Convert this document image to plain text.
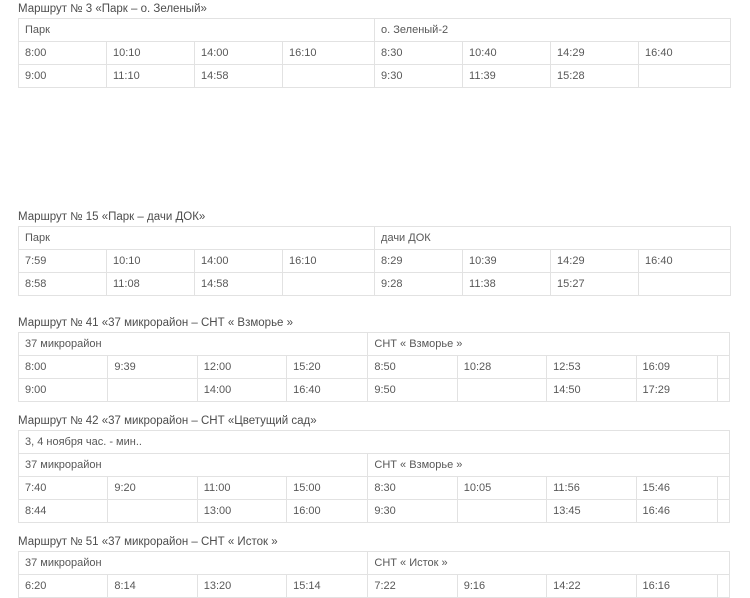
Маршрут № 3 «Парк – о. Зеленый»
Парк				о. Зеленый-2			
8:00	10:10	14:00	16:10	8:30	10:40	14:29	16:40
9:00	11:10	14:58		9:30	11:39	15:28	
Маршрут № 15 «Парк – дачи ДОК»
Парк				дачи ДОК			
7:59	10:10	14:00	16:10	8:29	10:39	14:29	16:40
8:58	11:08	14:58		9:28	11:38	15:27	
Маршрут № 41 «37 микрорайон – СНТ « Взморье »
37 микрорайон				СНТ « Взморье »				
8:00	9:39	12:00	15:20	8:50	10:28	12:53	16:09	
9:00		14:00	16:40	9:50		14:50	17:29	
Маршрут № 42 «37 микрорайон – СНТ «Цветущий сад»
3, 4 ноября час. - мин..								
37 микрорайон				СНТ « Взморье »				
7:40	9:20	11:00	15:00	8:30	10:05	11:56	15:46	
8:44		13:00	16:00	9:30		13:45	16:46	
Маршрут № 51 «37 микрорайон – СНТ « Исток »
37 микрорайон				СНТ « Исток »				
6:20	8:14	13:20	15:14	7:22	9:16	14:22	16:16	
